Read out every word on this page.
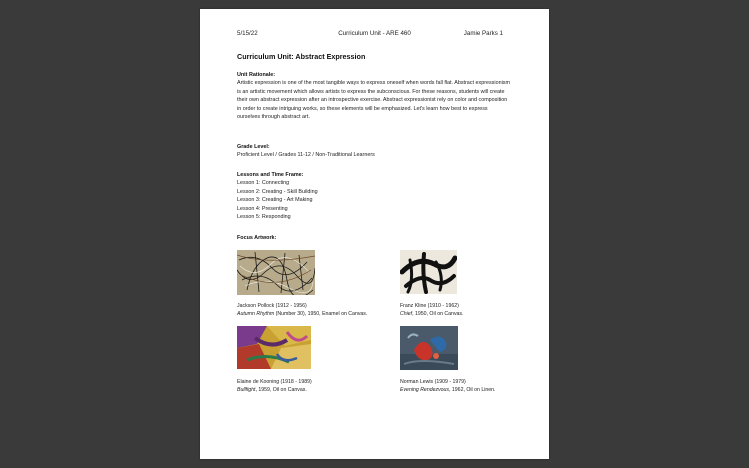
5/15/22	Curriculum Unit - ARE 460	Jamie Parks 1
Curriculum Unit: Abstract Expression

Unit Rationale:

Artistic expression is one of the most tangible ways to express oneself when words fall flat. Abstract expressionism is an artistic movement which allows artists to express the subconscious. For these reasons, students will create their own abstract expression after an introspective exercise. Abstract expressionist rely on color and composition in order to create intriguing works, so these elements will be emphasized. Let's learn how best to express ourselves through abstract art.

Grade Level:

Proficient Level / Grades 11-12 / Non-Traditional Learners

Lessons and Time Frame:

Lesson 1: Connecting

Lesson 2: Creating - Skill Building

Lesson 3: Creating - Art Making

Lesson 4: Presenting

Lesson 5: Responding

Focus Artwork:

Jackson Pollock (1912 - 1956)
Autumn Rhythm (Number 30), 1950, Enamel on Canvas.
Franz Kline (1910 - 1962)
Chief, 1950, Oil on Canvas.
Elaine de Kooning (1918 - 1989)
Bullfight, 1959, Oil on Canvas.
Norman Lewis (1909 - 1979)
Evening Rendezvous, 1962, Oil on Linen.
